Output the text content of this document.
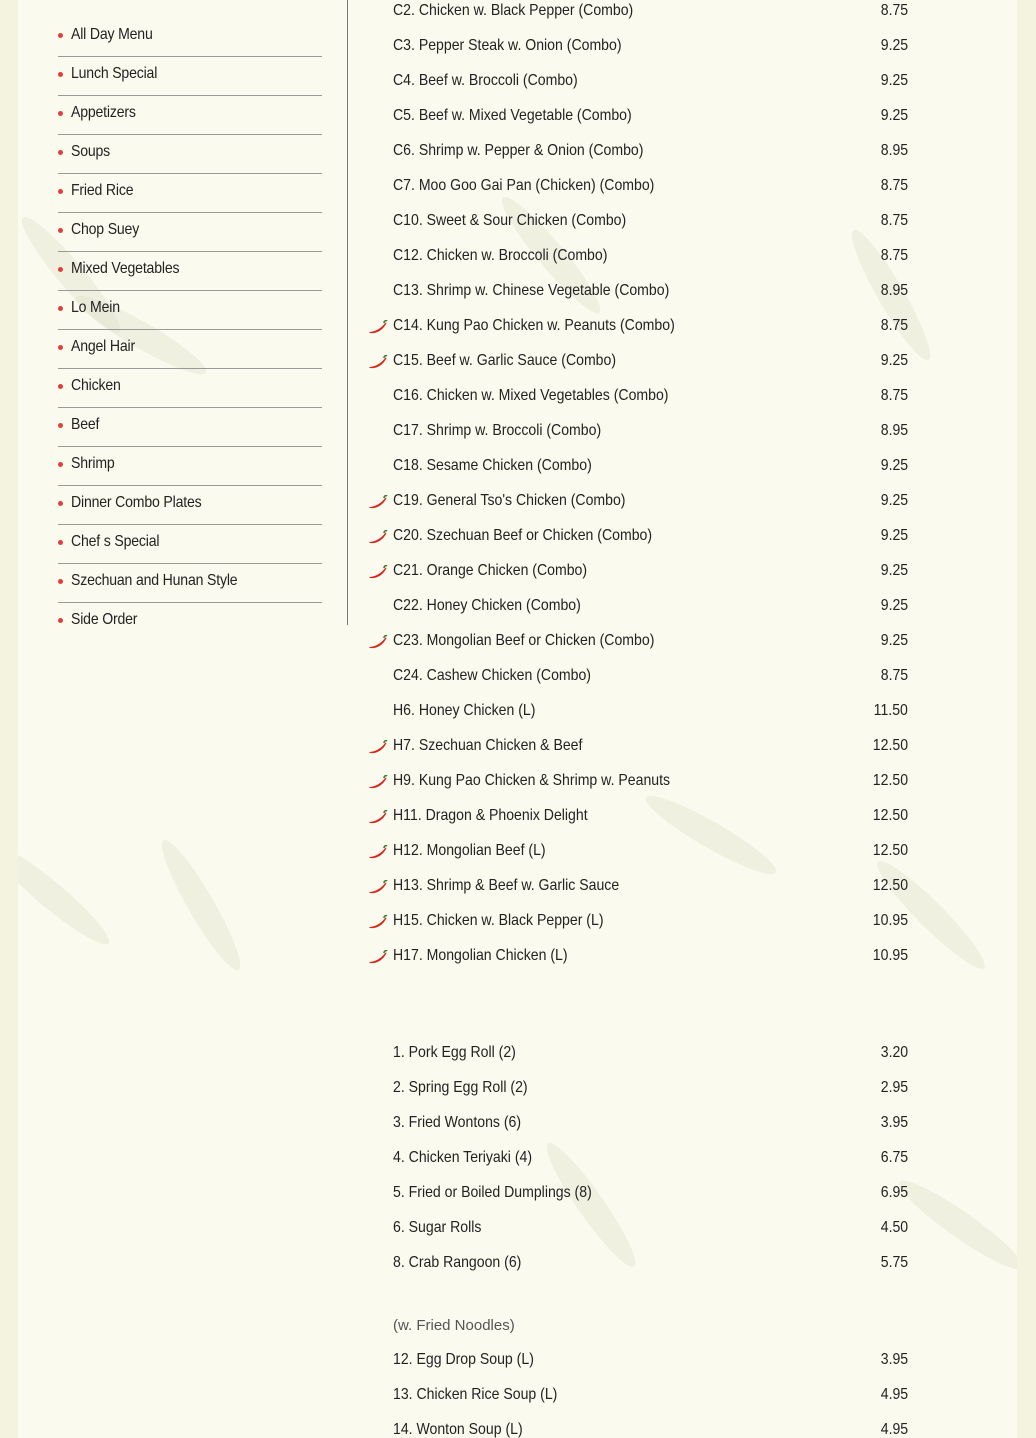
All Day Menu
Lunch Special
Appetizers
Soups
Fried Rice
Chop Suey
Mixed Vegetables
Lo Mein
Angel Hair
Chicken
Beef
Shrimp
Dinner Combo Plates
Chef s Special
Szechuan and Hunan Style
Side Order
(w. Fried Noodles)
C2. Chicken w. Black Pepper (Combo)	8.75
C3. Pepper Steak w. Onion (Combo)	9.25
C4. Beef w. Broccoli (Combo)	9.25
C5. Beef w. Mixed Vegetable (Combo)	9.25
C6. Shrimp w. Pepper & Onion (Combo)	8.95
C7. Moo Goo Gai Pan (Chicken) (Combo)	8.75
C10. Sweet & Sour Chicken (Combo)	8.75
C12. Chicken w. Broccoli (Combo)	8.75
C13. Shrimp w. Chinese Vegetable (Combo)	8.95
C14. Kung Pao Chicken w. Peanuts (Combo)	8.75
C15. Beef w. Garlic Sauce (Combo)	9.25
C16. Chicken w. Mixed Vegetables (Combo)	8.75
C17. Shrimp w. Broccoli (Combo)	8.95
C18. Sesame Chicken (Combo)	9.25
C19. General Tso's Chicken (Combo)	9.25
C20. Szechuan Beef or Chicken (Combo)	9.25
C21. Orange Chicken (Combo)	9.25
C22. Honey Chicken (Combo)	9.25
C23. Mongolian Beef or Chicken (Combo)	9.25
C24. Cashew Chicken (Combo)	8.75
H6. Honey Chicken (L)	11.50
H7. Szechuan Chicken & Beef	12.50
H9. Kung Pao Chicken & Shrimp w. Peanuts	12.50
H11. Dragon & Phoenix Delight	12.50
H12. Mongolian Beef (L)	12.50
H13. Shrimp & Beef w. Garlic Sauce	12.50
H15. Chicken w. Black Pepper (L)	10.95
H17. Mongolian Chicken (L)	10.95
1. Pork Egg Roll (2)	3.20
2. Spring Egg Roll (2)	2.95
3. Fried Wontons (6)	3.95
4. Chicken Teriyaki (4)	6.75
5. Fried or Boiled Dumplings (8)	6.95
6. Sugar Rolls	4.50
8. Crab Rangoon (6)	5.75
12. Egg Drop Soup (L)	3.95
13. Chicken Rice Soup (L)	4.95
14. Wonton Soup (L)	4.95
